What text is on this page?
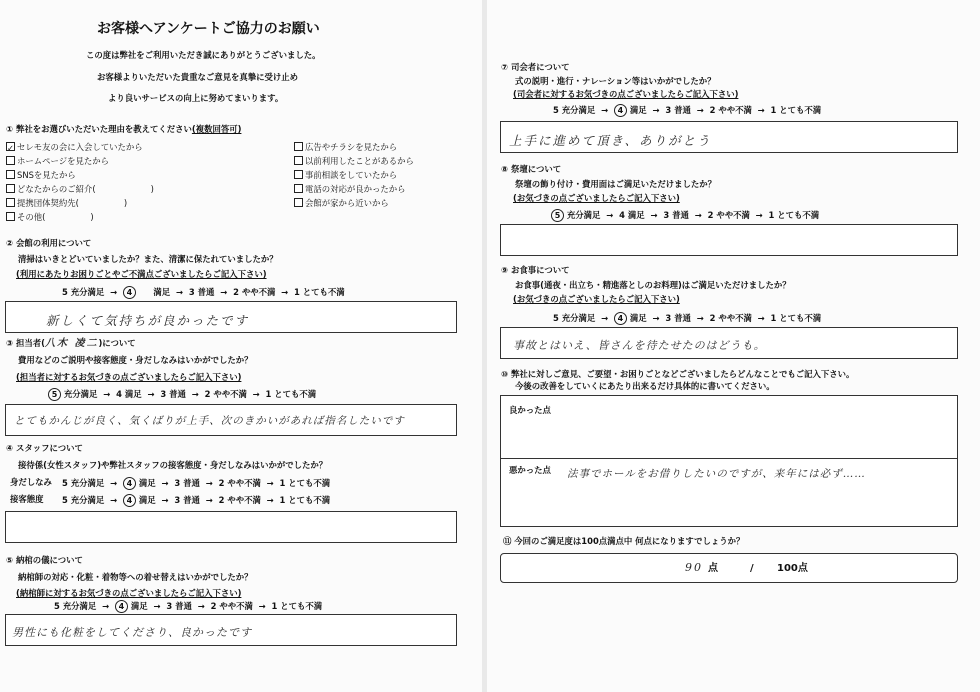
お客様へアンケートご協力のお願い
この度は弊社をご利用いただき誠にありがとうございました。
お客様よりいただいた貴重なご意見を真摯に受け止め
より良いサービスの向上に努めてまいります。
① 弊社をお選びいただいた理由を教えてください(複数回答可)
✓ セレモ友の会に入会していたから
ホームページを見たから
SNSを見たから
どなたからのご紹介(	)
提携団体契約先(	)
その他(	)
広告やチラシを見たから
以前利用したことがあるから
事前相談をしていたから
電話の対応が良かったから
会館が家から近いから
② 会館の利用について
清掃はいきとどいていましたか？また、清潔に保たれていましたか？
(利用にあたりお困りごとやご不満点ございましたらご記入下さい)
5 充分満足 → 4 満足 → 3 普通 → 2 やや不満 → 1 とても不満
新しくて気持ちが良かったです
③ 担当者(八木 凌二)について
費用などのご説明や接客態度・身だしなみはいかがでしたか？
(担当者に対するお気づきの点ございましたらご記入下さい)
5 充分満足 → 4 満足 → 3 普通 → 2 やや不満 → 1 とても不満
とてもかんじが良く、気くばりが上手、次のきかいがあれば指名したいです
④ スタッフについて
接待係(女性スタッフ)や弊社スタッフの接客態度・身だしなみはいかがでしたか？
身だしなみ 5 充分満足 → 4 満足 → 3 普通 → 2 やや不満 → 1 とても不満
接客態度 5 充分満足 → 4 満足 → 3 普通 → 2 やや不満 → 1 とても不満
⑤ 納棺の儀について
納棺師の対応・化粧・着物等への着せ替えはいかがでしたか？
(納棺師に対するお気づきの点ございましたらご記入下さい)
5 充分満足 → 4 満足 → 3 普通 → 2 やや不満 → 1 とても不満
男性にも化粧をしてくださり、良かったです
⑦ 司会者について
式の説明・進行・ナレーション等はいかがでしたか？
(司会者に対するお気づきの点ございましたらご記入下さい)
5 充分満足 → 4 満足 → 3 普通 → 2 やや不満 → 1 とても不満
上手に進めて頂き、ありがとう
⑧ 祭壇について
祭壇の飾り付け・費用面はご満足いただけましたか？
(お気づきの点ございましたらご記入下さい)
5 充分満足 → 4 満足 → 3 普通 → 2 やや不満 → 1 とても不満
⑨ お食事について
お食事(通夜・出立ち・精進落としのお料理)はご満足いただけましたか？
(お気づきの点ございましたらご記入下さい)
5 充分満足 → 4 満足 → 3 普通 → 2 やや不満 → 1 とても不満
事故とはいえ、皆さんを待たせたのはどうも。
⑩ 弊社に対しご意見、ご要望・お困りごとなどございましたらどんなことでもご記入下さい。
今後の改善をしていくにあたり出来るだけ具体的に書いてください。
良かった点
悪かった点 法事でホールをお借りしたいのですが、来年には必ず……
⑪ 今回のご満足度は100点満点中 何点になりますでしょうか？
90 点	/ 100点
